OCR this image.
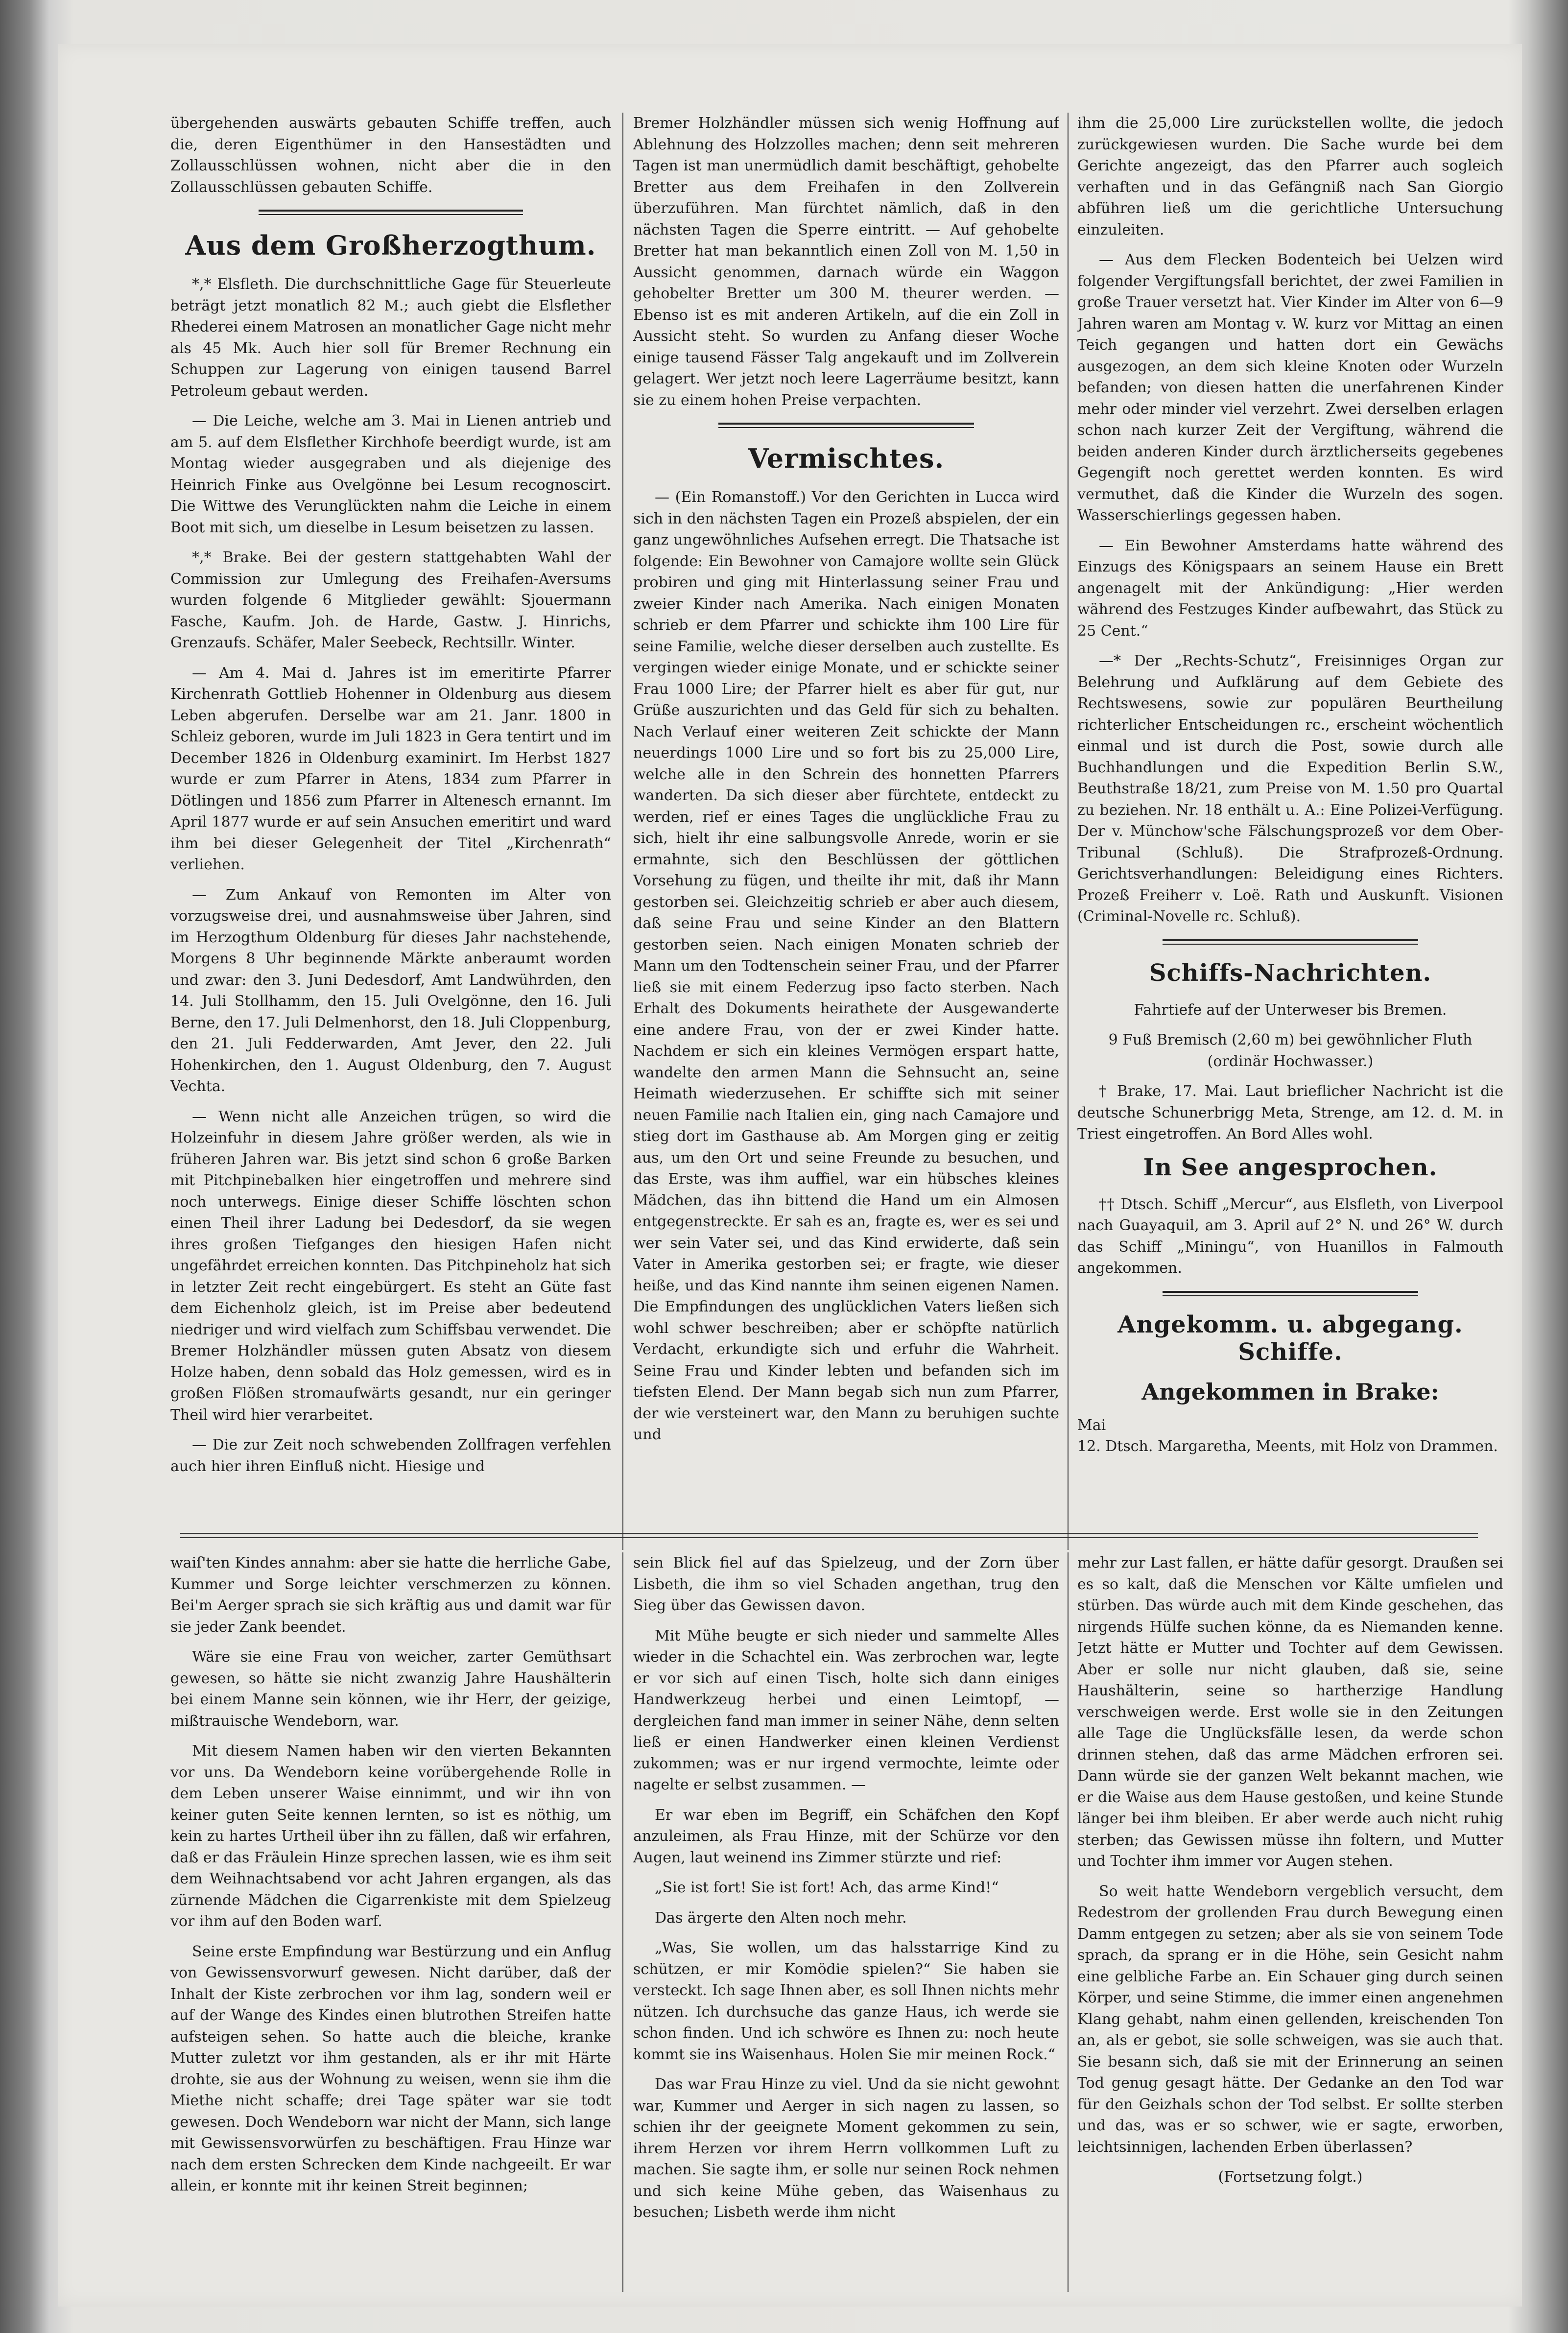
übergehenden auswärts gebauten Schiffe treffen, auch die, deren Eigenthümer in den Hansestädten und Zollausschlüssen wohnen, nicht aber die in den Zollausschlüssen gebauten Schiffe.

Aus dem Großherzogthum.

*,* Elsfleth. Die durchschnittliche Gage für Steuerleute beträgt jetzt monatlich 82 M.; auch giebt die Elsflether Rhederei einem Matrosen an monatlicher Gage nicht mehr als 45 Mk. Auch hier soll für Bremer Rechnung ein Schuppen zur Lagerung von einigen tausend Barrel Petroleum gebaut werden.

— Die Leiche, welche am 3. Mai in Lienen antrieb und am 5. auf dem Elsflether Kirchhofe beerdigt wurde, ist am Montag wieder ausgegraben und als diejenige des Heinrich Finke aus Ovelgönne bei Lesum recognoscirt. Die Wittwe des Verunglückten nahm die Leiche in einem Boot mit sich, um dieselbe in Lesum beisetzen zu lassen.

*,* Brake. Bei der gestern stattgehabten Wahl der Commission zur Umlegung des Freihafen-Aversums wurden folgende 6 Mitglieder gewählt: Sjouermann Fasche, Kaufm. Joh. de Harde, Gastw. J. Hinrichs, Grenzaufs. Schäfer, Maler Seebeck, Rechtsillr. Winter.

— Am 4. Mai d. Jahres ist im emeritirte Pfarrer Kirchenrath Gottlieb Hohenner in Oldenburg aus diesem Leben abgerufen. Derselbe war am 21. Janr. 1800 in Schleiz geboren, wurde im Juli 1823 in Gera tentirt und im December 1826 in Oldenburg examinirt. Im Herbst 1827 wurde er zum Pfarrer in Atens, 1834 zum Pfarrer in Dötlingen und 1856 zum Pfarrer in Altenesch ernannt. Im April 1877 wurde er auf sein Ansuchen emeritirt und ward ihm bei dieser Gelegenheit der Titel „Kirchenrath“ verliehen.

— Zum Ankauf von Remonten im Alter von vorzugsweise drei, und ausnahmsweise über Jahren, sind im Herzogthum Oldenburg für dieses Jahr nachstehende, Morgens 8 Uhr beginnende Märkte anberaumt worden und zwar: den 3. Juni Dedesdorf, Amt Landwührden, den 14. Juli Stollhamm, den 15. Juli Ovelgönne, den 16. Juli Berne, den 17. Juli Delmenhorst, den 18. Juli Cloppenburg, den 21. Juli Fedderwarden, Amt Jever, den 22. Juli Hohenkirchen, den 1. August Oldenburg, den 7. August Vechta.

— Wenn nicht alle Anzeichen trügen, so wird die Holzeinfuhr in diesem Jahre größer werden, als wie in früheren Jahren war. Bis jetzt sind schon 6 große Barken mit Pitchpinebalken hier eingetroffen und mehrere sind noch unterwegs. Einige dieser Schiffe löschten schon einen Theil ihrer Ladung bei Dedesdorf, da sie wegen ihres großen Tiefganges den hiesigen Hafen nicht ungefährdet erreichen konnten. Das Pitchpineholz hat sich in letzter Zeit recht eingebürgert. Es steht an Güte fast dem Eichenholz gleich, ist im Preise aber bedeutend niedriger und wird vielfach zum Schiffsbau verwendet. Die Bremer Holzhändler müssen guten Absatz von diesem Holze haben, denn sobald das Holz gemessen, wird es in großen Flößen stromaufwärts gesandt, nur ein geringer Theil wird hier verarbeitet.

— Die zur Zeit noch schwebenden Zollfragen verfehlen auch hier ihren Einfluß nicht. Hiesige und

Bremer Holzhändler müssen sich wenig Hoffnung auf Ablehnung des Holzzolles machen; denn seit mehreren Tagen ist man unermüdlich damit beschäftigt, gehobelte Bretter aus dem Freihafen in den Zollverein überzuführen. Man fürchtet nämlich, daß in den nächsten Tagen die Sperre eintritt. — Auf gehobelte Bretter hat man bekanntlich einen Zoll von M. 1,50 in Aussicht genommen, darnach würde ein Waggon gehobelter Bretter um 300 M. theurer werden. — Ebenso ist es mit anderen Artikeln, auf die ein Zoll in Aussicht steht. So wurden zu Anfang dieser Woche einige tausend Fässer Talg angekauft und im Zollverein gelagert. Wer jetzt noch leere Lagerräume besitzt, kann sie zu einem hohen Preise verpachten.

Vermischtes.

— (Ein Romanstoff.) Vor den Gerichten in Lucca wird sich in den nächsten Tagen ein Prozeß abspielen, der ein ganz ungewöhnliches Aufsehen erregt. Die Thatsache ist folgende: Ein Bewohner von Camajore wollte sein Glück probiren und ging mit Hinterlassung seiner Frau und zweier Kinder nach Amerika. Nach einigen Monaten schrieb er dem Pfarrer und schickte ihm 100 Lire für seine Familie, welche dieser derselben auch zustellte. Es vergingen wieder einige Monate, und er schickte seiner Frau 1000 Lire; der Pfarrer hielt es aber für gut, nur Grüße auszurichten und das Geld für sich zu behalten. Nach Verlauf einer weiteren Zeit schickte der Mann neuerdings 1000 Lire und so fort bis zu 25,000 Lire, welche alle in den Schrein des honnetten Pfarrers wanderten. Da sich dieser aber fürchtete, entdeckt zu werden, rief er eines Tages die unglückliche Frau zu sich, hielt ihr eine salbungsvolle Anrede, worin er sie ermahnte, sich den Beschlüssen der göttlichen Vorsehung zu fügen, und theilte ihr mit, daß ihr Mann gestorben sei. Gleichzeitig schrieb er aber auch diesem, daß seine Frau und seine Kinder an den Blattern gestorben seien. Nach einigen Monaten schrieb der Mann um den Todtenschein seiner Frau, und der Pfarrer ließ sie mit einem Federzug ipso facto sterben. Nach Erhalt des Dokuments heirathete der Ausgewanderte eine andere Frau, von der er zwei Kinder hatte. Nachdem er sich ein kleines Vermögen erspart hatte, wandelte den armen Mann die Sehnsucht an, seine Heimath wiederzusehen. Er schiffte sich mit seiner neuen Familie nach Italien ein, ging nach Camajore und stieg dort im Gasthause ab. Am Morgen ging er zeitig aus, um den Ort und seine Freunde zu besuchen, und das Erste, was ihm auffiel, war ein hübsches kleines Mädchen, das ihn bittend die Hand um ein Almosen entgegenstreckte. Er sah es an, fragte es, wer es sei und wer sein Vater sei, und das Kind erwiderte, daß sein Vater in Amerika gestorben sei; er fragte, wie dieser heiße, und das Kind nannte ihm seinen eigenen Namen. Die Empfindungen des unglücklichen Vaters ließen sich wohl schwer beschreiben; aber er schöpfte natürlich Verdacht, erkundigte sich und erfuhr die Wahrheit. Seine Frau und Kinder lebten und befanden sich im tiefsten Elend. Der Mann begab sich nun zum Pfarrer, der wie versteinert war, den Mann zu beruhigen suchte und

ihm die 25,000 Lire zurückstellen wollte, die jedoch zurückgewiesen wurden. Die Sache wurde bei dem Gerichte angezeigt, das den Pfarrer auch sogleich verhaften und in das Gefängniß nach San Giorgio abführen ließ um die gerichtliche Untersuchung einzuleiten.

— Aus dem Flecken Bodenteich bei Uelzen wird folgender Vergiftungsfall berichtet, der zwei Familien in große Trauer versetzt hat. Vier Kinder im Alter von 6—9 Jahren waren am Montag v. W. kurz vor Mittag an einen Teich gegangen und hatten dort ein Gewächs ausgezogen, an dem sich kleine Knoten oder Wurzeln befanden; von diesen hatten die unerfahrenen Kinder mehr oder minder viel verzehrt. Zwei derselben erlagen schon nach kurzer Zeit der Vergiftung, während die beiden anderen Kinder durch ärztlicherseits gegebenes Gegengift noch gerettet werden konnten. Es wird vermuthet, daß die Kinder die Wurzeln des sogen. Wasserschierlings gegessen haben.

— Ein Bewohner Amsterdams hatte während des Einzugs des Königspaars an seinem Hause ein Brett angenagelt mit der Ankündigung: „Hier werden während des Festzuges Kinder aufbewahrt, das Stück zu 25 Cent.“

—* Der „Rechts-Schutz“, Freisinniges Organ zur Belehrung und Aufklärung auf dem Gebiete des Rechtswesens, sowie zur populären Beurtheilung richterlicher Entscheidungen rc., erscheint wöchentlich einmal und ist durch die Post, sowie durch alle Buchhandlungen und die Expedition Berlin S.W., Beuthstraße 18/21, zum Preise von M. 1.50 pro Quartal zu beziehen. Nr. 18 enthält u. A.: Eine Polizei-Verfügung. Der v. Münchow'sche Fälschungsprozeß vor dem Ober-Tribunal (Schluß). Die Strafprozeß-Ordnung. Gerichtsverhandlungen: Beleidigung eines Richters. Prozeß Freiherr v. Loë. Rath und Auskunft. Visionen (Criminal-Novelle rc. Schluß).

Schiffs-Nachrichten.

Fahrtiefe auf der Unterweser bis Bremen.

9 Fuß Bremisch (2,60 m) bei gewöhnlicher Fluth (ordinär Hochwasser.)

† Brake, 17. Mai. Laut brieflicher Nachricht ist die deutsche Schunerbrigg Meta, Strenge, am 12. d. M. in Triest eingetroffen. An Bord Alles wohl.

In See angesprochen.

†† Dtsch. Schiff „Mercur“, aus Elsfleth, von Liverpool nach Guayaquil, am 3. April auf 2° N. und 26° W. durch das Schiff „Miningu“, von Huanillos in Falmouth angekommen.

Angekomm. u. abgegang. Schiffe.
Angekommen in Brake:

Mai
12. Dtsch. Margaretha, Meents, mit Holz von Drammen.

waiſ'ten Kindes annahm: aber sie hatte die herrliche Gabe, Kummer und Sorge leichter verschmerzen zu können. Bei'm Aerger sprach sie sich kräftig aus und damit war für sie jeder Zank beendet.

Wäre sie eine Frau von weicher, zarter Gemüthsart gewesen, so hätte sie nicht zwanzig Jahre Haushälterin bei einem Manne sein können, wie ihr Herr, der geizige, mißtrauische Wendeborn, war.

Mit diesem Namen haben wir den vierten Bekannten vor uns. Da Wendeborn keine vorübergehende Rolle in dem Leben unserer Waise einnimmt, und wir ihn von keiner guten Seite kennen lernten, so ist es nöthig, um kein zu hartes Urtheil über ihn zu fällen, daß wir erfahren, daß er das Fräulein Hinze sprechen lassen, wie es ihm seit dem Weihnachtsabend vor acht Jahren ergangen, als das zürnende Mädchen die Cigarrenkiste mit dem Spielzeug vor ihm auf den Boden warf.

Seine erste Empfindung war Bestürzung und ein Anflug von Gewissensvorwurf gewesen. Nicht darüber, daß der Inhalt der Kiste zerbrochen vor ihm lag, sondern weil er auf der Wange des Kindes einen blutrothen Streifen hatte aufsteigen sehen. So hatte auch die bleiche, kranke Mutter zuletzt vor ihm gestanden, als er ihr mit Härte drohte, sie aus der Wohnung zu weisen, wenn sie ihm die Miethe nicht schaffe; drei Tage später war sie todt gewesen. Doch Wendeborn war nicht der Mann, sich lange mit Gewissensvorwürfen zu beschäftigen. Frau Hinze war nach dem ersten Schrecken dem Kinde nachgeeilt. Er war allein, er konnte mit ihr keinen Streit beginnen;

sein Blick fiel auf das Spielzeug, und der Zorn über Lisbeth, die ihm so viel Schaden angethan, trug den Sieg über das Gewissen davon.

Mit Mühe beugte er sich nieder und sammelte Alles wieder in die Schachtel ein. Was zerbrochen war, legte er vor sich auf einen Tisch, holte sich dann einiges Handwerkzeug herbei und einen Leimtopf, — dergleichen fand man immer in seiner Nähe, denn selten ließ er einen Handwerker einen kleinen Verdienst zukommen; was er nur irgend vermochte, leimte oder nagelte er selbst zusammen. —

Er war eben im Begriff, ein Schäfchen den Kopf anzuleimen, als Frau Hinze, mit der Schürze vor den Augen, laut weinend ins Zimmer stürzte und rief:

„Sie ist fort! Sie ist fort! Ach, das arme Kind!“

Das ärgerte den Alten noch mehr.

„Was, Sie wollen, um das halsstarrige Kind zu schützen, er mir Komödie spielen?“ Sie haben sie versteckt. Ich sage Ihnen aber, es soll Ihnen nichts mehr nützen. Ich durchsuche das ganze Haus, ich werde sie schon finden. Und ich schwöre es Ihnen zu: noch heute kommt sie ins Waisenhaus. Holen Sie mir meinen Rock.“

Das war Frau Hinze zu viel. Und da sie nicht gewohnt war, Kummer und Aerger in sich nagen zu lassen, so schien ihr der geeignete Moment gekommen zu sein, ihrem Herzen vor ihrem Herrn vollkommen Luft zu machen. Sie sagte ihm, er solle nur seinen Rock nehmen und sich keine Mühe geben, das Waisenhaus zu besuchen; Lisbeth werde ihm nicht

mehr zur Last fallen, er hätte dafür gesorgt. Draußen sei es so kalt, daß die Menschen vor Kälte umfielen und stürben. Das würde auch mit dem Kinde geschehen, das nirgends Hülfe suchen könne, da es Niemanden kenne. Jetzt hätte er Mutter und Tochter auf dem Gewissen. Aber er solle nur nicht glauben, daß sie, seine Haushälterin, seine so hartherzige Handlung verschweigen werde. Erst wolle sie in den Zeitungen alle Tage die Unglücksfälle lesen, da werde schon drinnen stehen, daß das arme Mädchen erfroren sei. Dann würde sie der ganzen Welt bekannt machen, wie er die Waise aus dem Hause gestoßen, und keine Stunde länger bei ihm bleiben. Er aber werde auch nicht ruhig sterben; das Gewissen müsse ihn foltern, und Mutter und Tochter ihm immer vor Augen stehen.

So weit hatte Wendeborn vergeblich versucht, dem Redestrom der grollenden Frau durch Bewegung einen Damm entgegen zu setzen; aber als sie von seinem Tode sprach, da sprang er in die Höhe, sein Gesicht nahm eine gelbliche Farbe an. Ein Schauer ging durch seinen Körper, und seine Stimme, die immer einen angenehmen Klang gehabt, nahm einen gellenden, kreischenden Ton an, als er gebot, sie solle schweigen, was sie auch that. Sie besann sich, daß sie mit der Erinnerung an seinen Tod genug gesagt hätte. Der Gedanke an den Tod war für den Geizhals schon der Tod selbst. Er sollte sterben und das, was er so schwer, wie er sagte, erworben, leichtsinnigen, lachenden Erben überlassen?

(Fortsetzung folgt.)
